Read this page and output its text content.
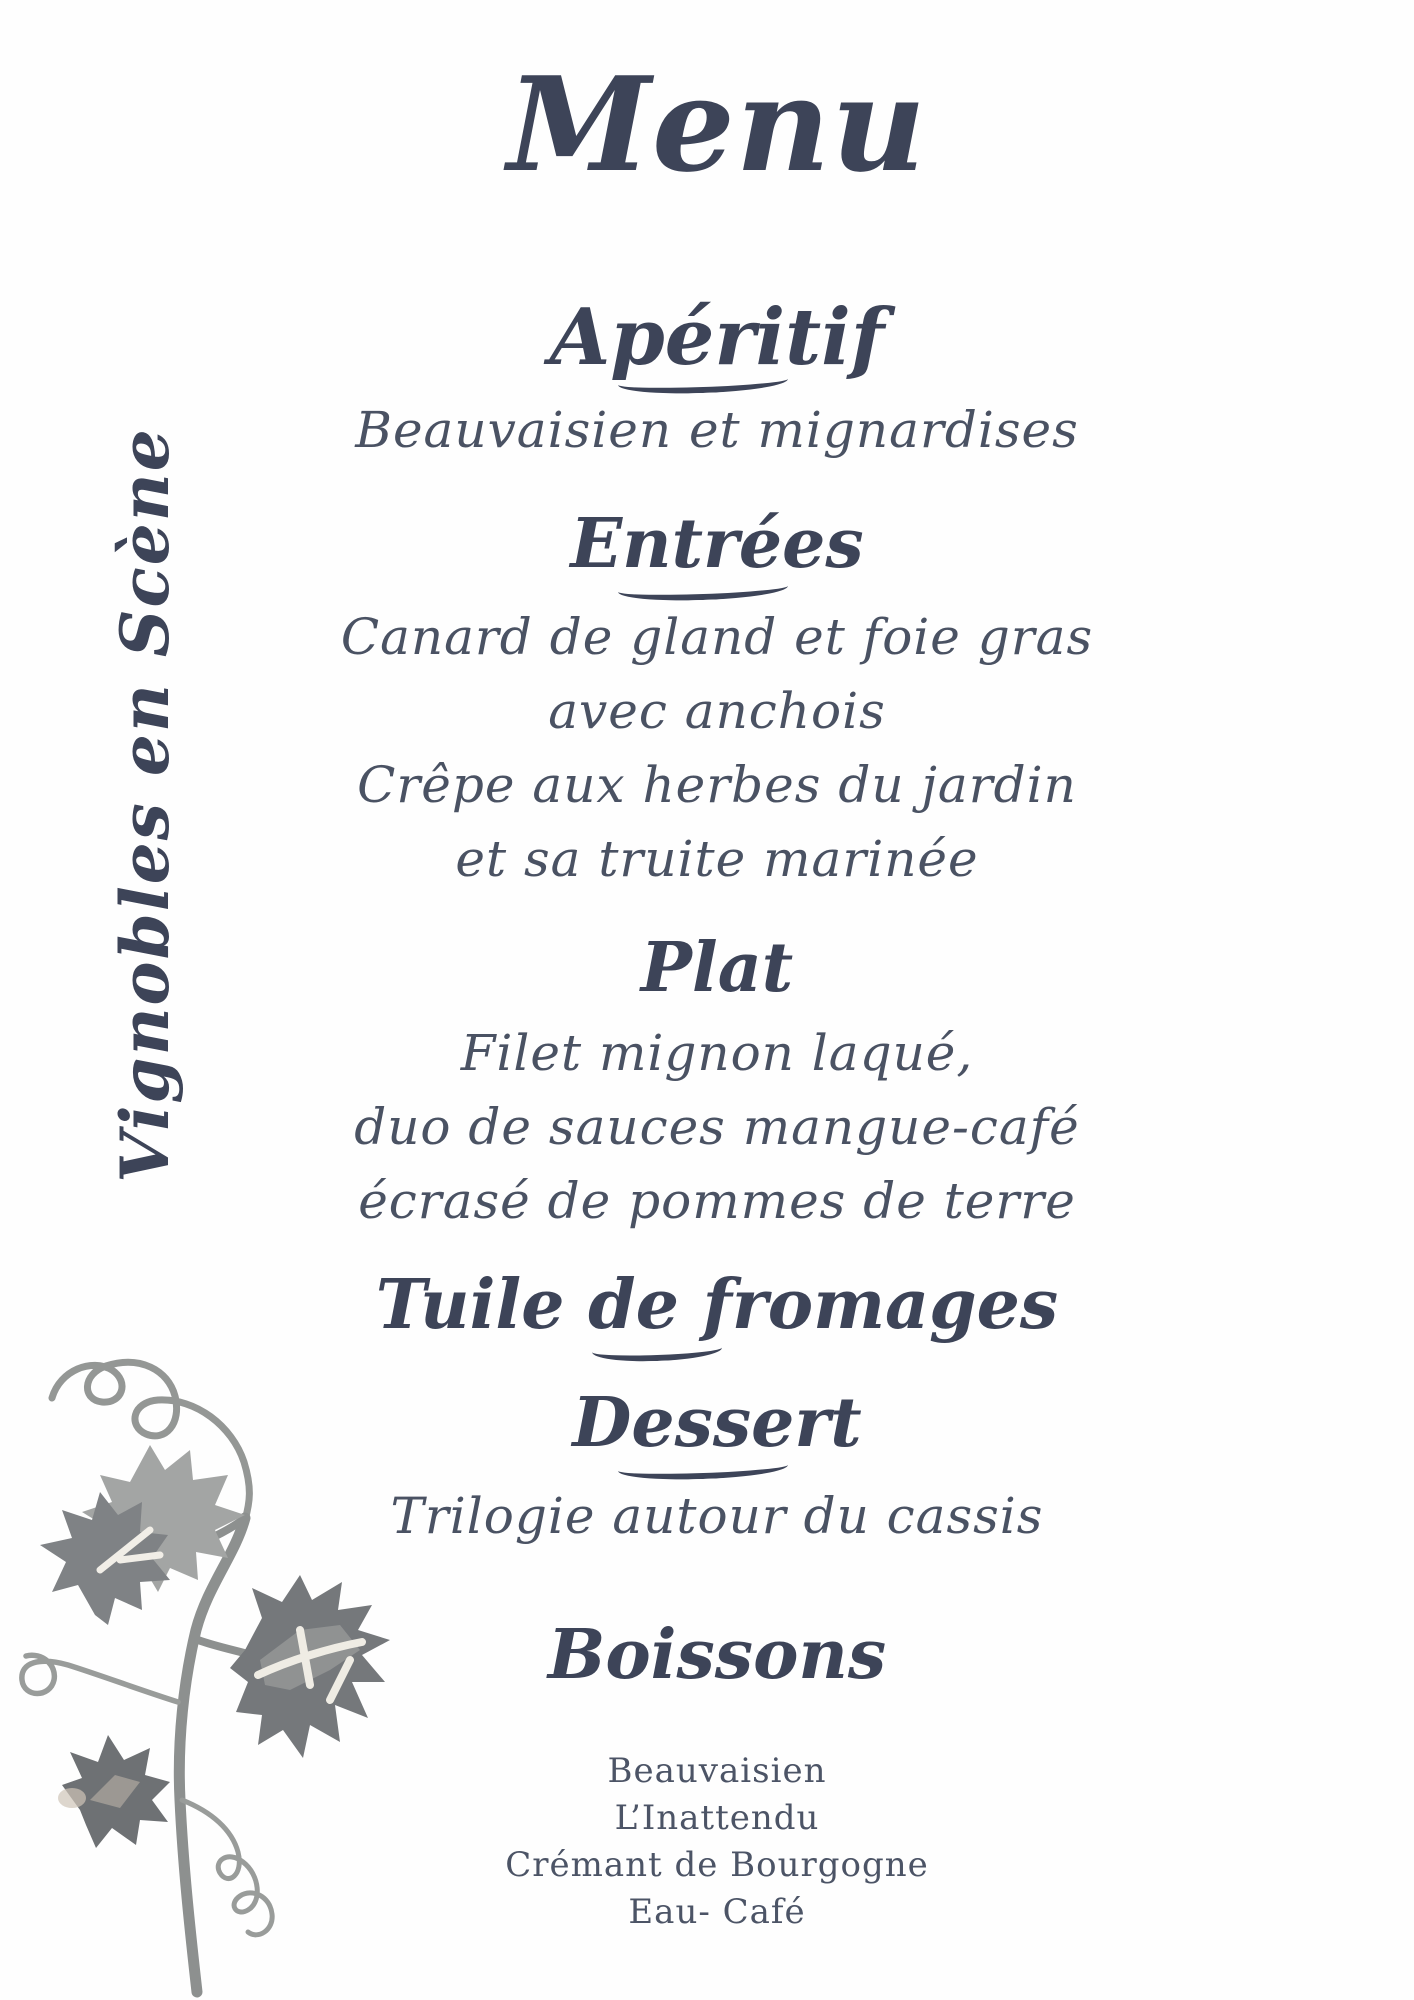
Vignobles en Scène
Menu
Apéritif

Beauvaisien et mignardises

Entrées

Canard de gland et foie gras

avec anchois

Crêpe aux herbes du jardin

et sa truite marinée

Plat

Filet mignon laqué,

duo de sauces mangue-café

écrasé de pommes de terre

Tuile de fromages
Dessert

Trilogie autour du cassis

Boissons

Beauvaisien

L’Inattendu

Crémant de Bourgogne

Eau- Café
